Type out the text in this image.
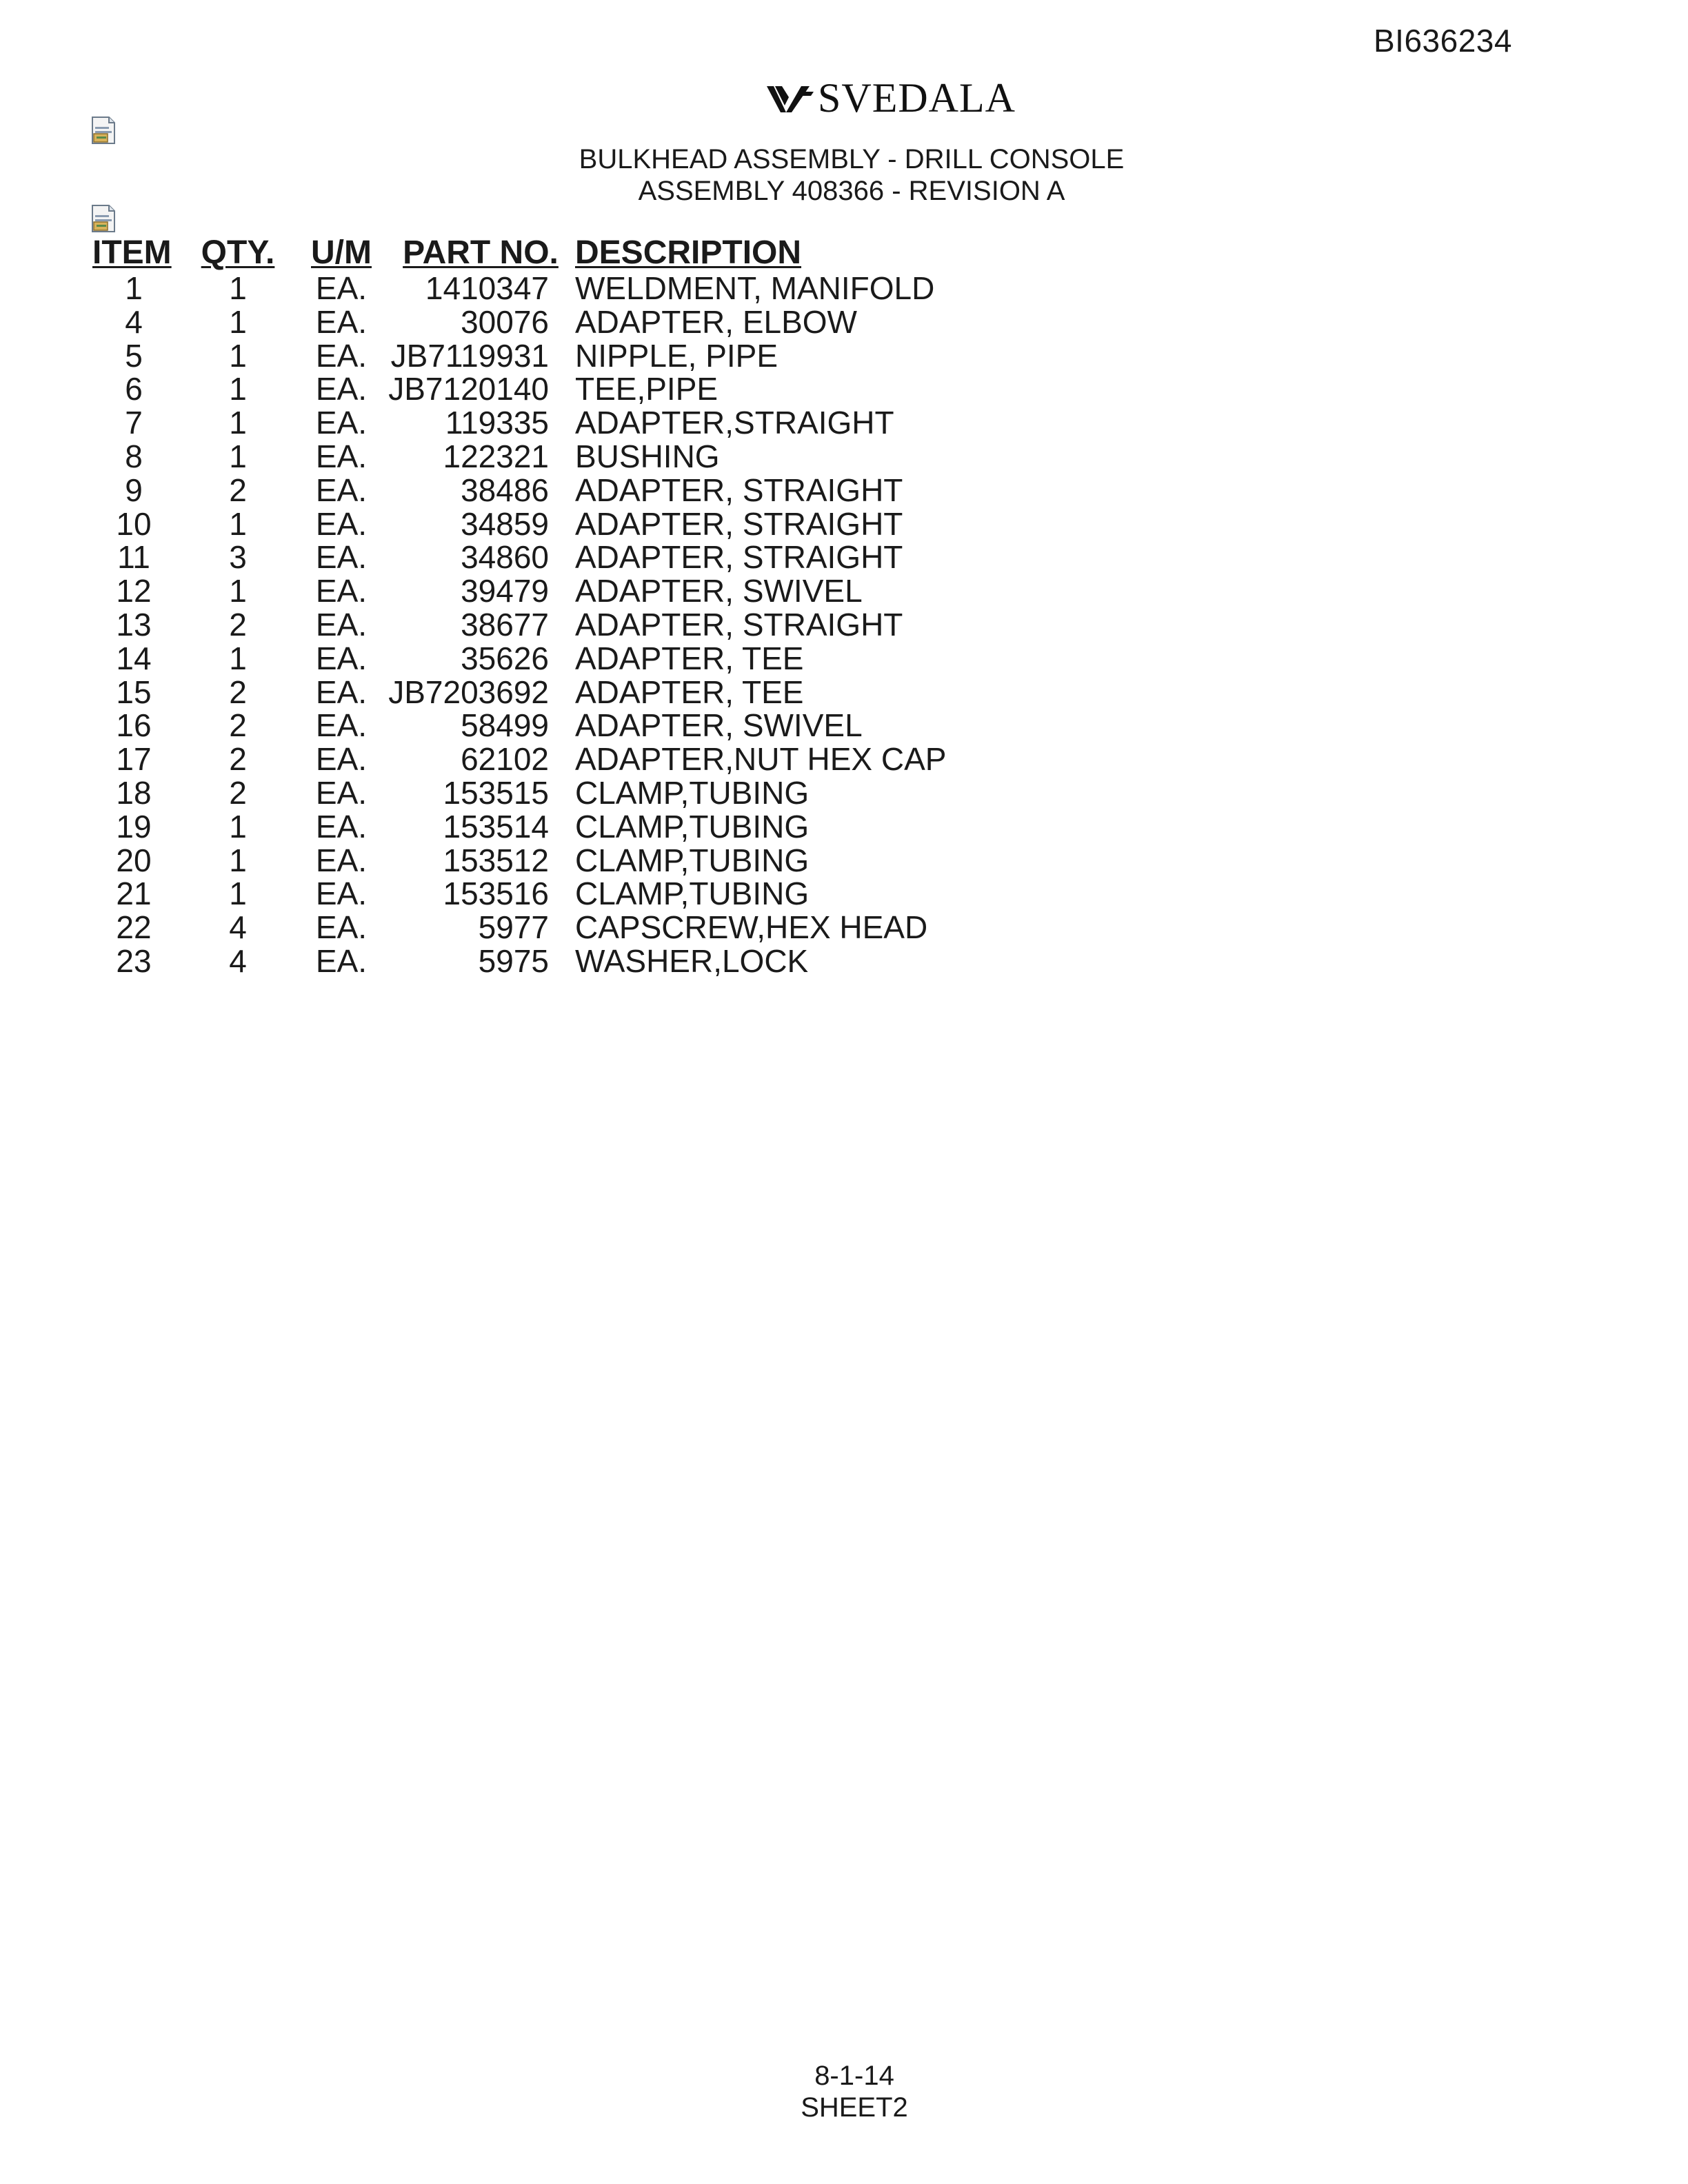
BI636234
SVEDALA
BULKHEAD ASSEMBLY - DRILL CONSOLE
ASSEMBLY 408366 - REVISION A
ITEM	QTY.	U/M	PART NO.	DESCRIPTION
1	1	EA.	1410347	WELDMENT, MANIFOLD
4	1	EA.	30076	ADAPTER, ELBOW
5	1	EA.	JB7119931	NIPPLE, PIPE
6	1	EA.	JB7120140	TEE,PIPE
7	1	EA.	119335	ADAPTER,STRAIGHT
8	1	EA.	122321	BUSHING
9	2	EA.	38486	ADAPTER, STRAIGHT
10	1	EA.	34859	ADAPTER, STRAIGHT
11	3	EA.	34860	ADAPTER, STRAIGHT
12	1	EA.	39479	ADAPTER, SWIVEL
13	2	EA.	38677	ADAPTER, STRAIGHT
14	1	EA.	35626	ADAPTER, TEE
15	2	EA.	JB7203692	ADAPTER, TEE
16	2	EA.	58499	ADAPTER, SWIVEL
17	2	EA.	62102	ADAPTER,NUT HEX CAP
18	2	EA.	153515	CLAMP,TUBING
19	1	EA.	153514	CLAMP,TUBING
20	1	EA.	153512	CLAMP,TUBING
21	1	EA.	153516	CLAMP,TUBING
22	4	EA.	5977	CAPSCREW,HEX HEAD
23	4	EA.	5975	WASHER,LOCK
8-1-14
SHEET2
